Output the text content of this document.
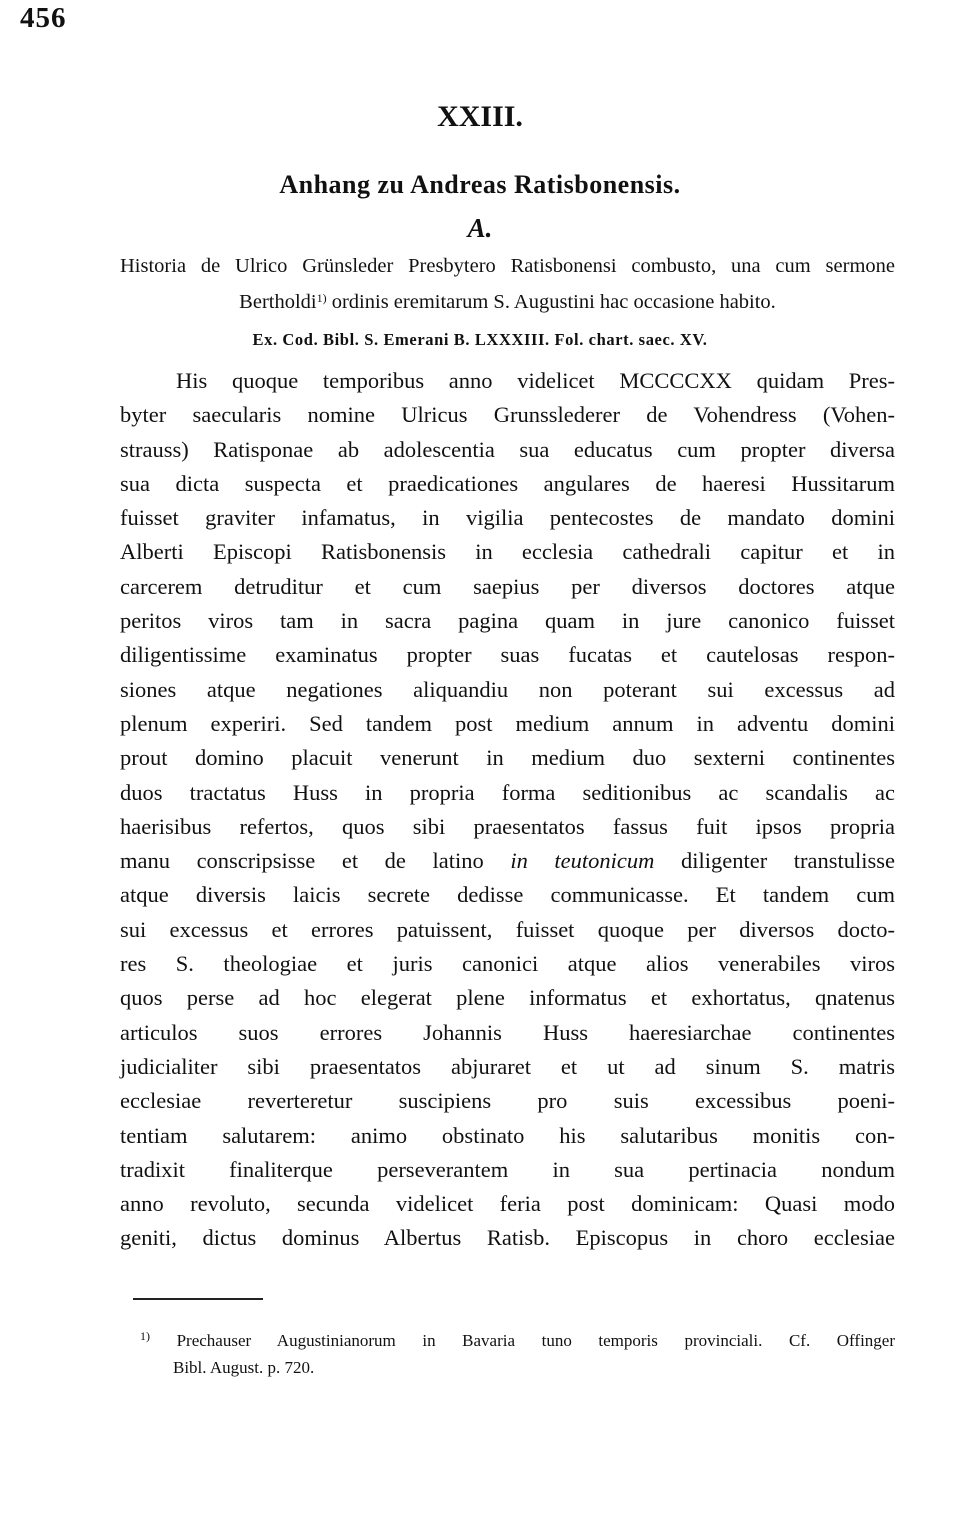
456
XXIII.
Anhang zu Andreas Ratisbonensis.
A.
Historia de Ulrico Grünsleder Presbytero Ratisbonensi combusto, una cum sermone
Bertholdi$^{1)}$ ordinis eremitarum S. Augustini hac occasione habito.
Ex. Cod. Bibl. S. Emerani B. LXXXIII. Fol. chart. saec. XV.
His quoque temporibus anno videlicet MCCCCXX quidam Pres-
byter saecularis nomine Ulricus Grunsslederer de Vohendress (Vohen-
strauss) Ratisponae ab adolescentia sua educatus cum propter diversa
sua dicta suspecta et praedicationes angulares de haeresi Hussitarum
fuisset graviter infamatus, in vigilia pentecostes de mandato domini
Alberti Episcopi Ratisbonensis in ecclesia cathedrali capitur et in
carcerem detruditur et cum saepius per diversos doctores atque
peritos viros tam in sacra pagina quam in jure canonico fuisset
diligentissime examinatus propter suas fucatas et cautelosas respon-
siones atque negationes aliquandiu non poterant sui excessus ad
plenum experiri. Sed tandem post medium annum in adventu domini
prout domino placuit venerunt in medium duo sexterni continentes
duos tractatus Huss in propria forma seditionibus ac scandalis ac
haerisibus refertos, quos sibi praesentatos fassus fuit ipsos propria
manu conscripsisse et de latino in teutonicum diligenter transtulisse
atque diversis laicis secrete dedisse communicasse. Et tandem cum
sui excessus et errores patuissent, fuisset quoque per diversos docto-
res S. theologiae et juris canonici atque alios venerabiles viros
quos perse ad hoc elegerat plene informatus et exhortatus, qnatenus
articulos suos errores Johannis Huss haeresiarchae continentes
judicialiter sibi praesentatos abjuraret et ut ad sinum S. matris
ecclesiae reverteretur suscipiens pro suis excessibus poeni-
tentiam salutarem: animo obstinato his salutaribus monitis con-
tradixit finaliterque perseverantem in sua pertinacia nondum
anno revoluto, secunda videlicet feria post dominicam: Quasi modo
geniti, dictus dominus Albertus Ratisb. Episcopus in choro ecclesiae
$^{1)}$ Prechauser Augustinianorum in Bavaria tuno temporis provinciali. Cf. Offinger
Bibl. August. p. 720.
